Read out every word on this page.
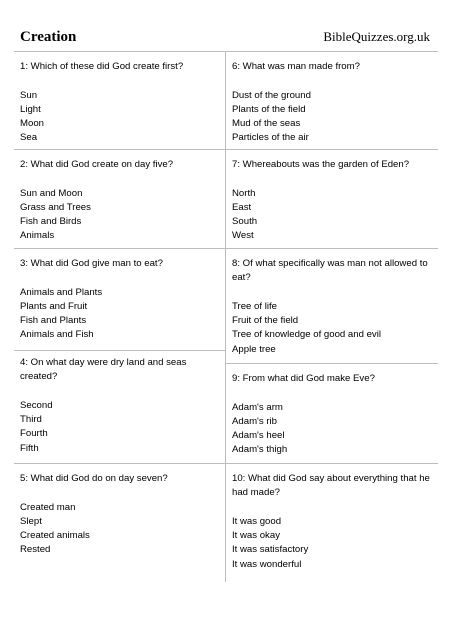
Creation	BibleQuizzes.org.uk
1: Which of these did God create first?
Sun
Light
Moon
Sea
2: What did God create on day five?
Sun and Moon
Grass and Trees
Fish and Birds
Animals
3: What did God give man to eat?
Animals and Plants
Plants and Fruit
Fish and Plants
Animals and Fish
4: On what day were dry land and seas created?
Second
Third
Fourth
Fifth
5: What did God do on day seven?
Created man
Slept
Created animals
Rested
6: What was man made from?
Dust of the ground
Plants of the field
Mud of the seas
Particles of the air
7: Whereabouts was the garden of Eden?
North
East
South
West
8: Of what specifically was man not allowed to eat?
Tree of life
Fruit of the field
Tree of knowledge of good and evil
Apple tree
9: From what did God make Eve?
Adam's arm
Adam's rib
Adam's heel
Adam's thigh
10: What did God say about everything that he had made?
It was good
It was okay
It was satisfactory
It was wonderful
